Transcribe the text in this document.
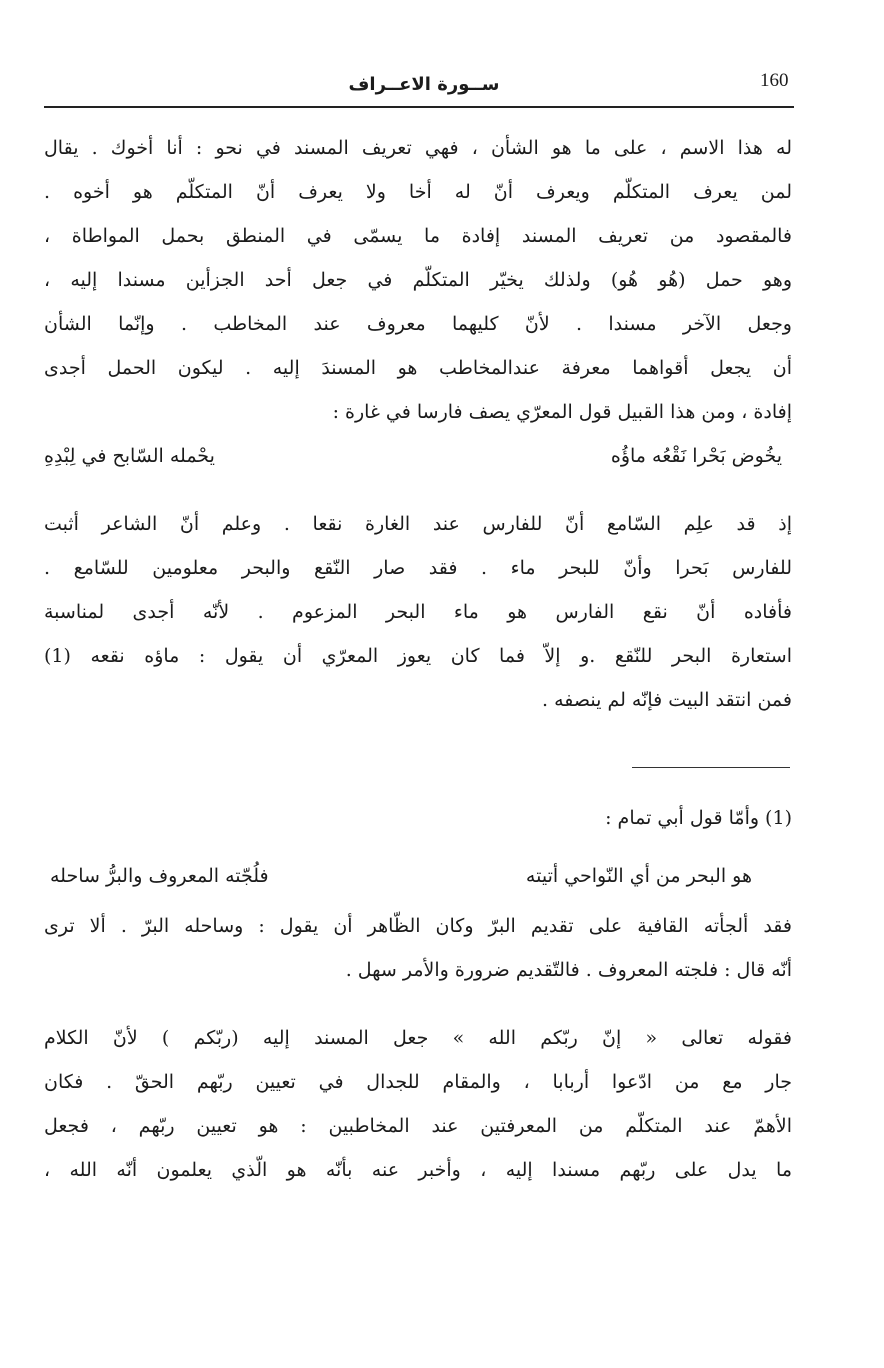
160
ســورة الاعــراف
له هذا الاسم ، على ما هو الشأن ، فهي تعريف المسند في نحو : أنا أخوك . يقال
لمن يعرف المتكلّم ويعرف أنّ له أخا ولا يعرف أنّ المتكلّم هو أخوه .
فالمقصود من تعريف المسند إفادة ما يسمّى في المنطق بحمل المواطاة ،
وهو حمل (هُو هُو) ولذلك يخيّر المتكلّم في جعل أحد الجزأين مسندا إليه ،
وجعل الآخر مسندا . لأنّ كليهما معروف عند المخاطب . وإنّما الشأن
أن يجعل أقواهما معرفة عندالمخاطب هو المسندَ إليه . ليكون الحمل أجدى
إفادة ، ومن هذا القبيل قول المعرّي يصف فارسا في غارة :
يخُوض بَحْرا نَقْعُه ماؤُه
يحْمله السّابح في لِبْدِهِ
إذ قد علِم السّامع أنّ للفارس عند الغارة نقعا . وعلم أنّ الشاعر أثبت
للفارس بَحرا وأنّ للبحر ماء . فقد صار النّقع والبحر معلومين للسّامع .
فأفاده أنّ نقع الفارس هو ماء البحر المزعوم . لأنّه أجدى لمناسبة
استعارة البحر للنّقع .و إلاّ فما كان يعوز المعرّي أن يقول : ماؤه نقعه (1)
فمن انتقد البيت فإنّه لم ينصفه .
(1) وأمّا قول أبي تمام :
هو البحر من أي النّواحي أتيته
فلُجّته المعروف والبرُّ ساحله
فقد ألجأته القافية على تقديم البرّ وكان الظّاهر أن يقول : وساحله البرّ . ألا ترى
أنّه قال : فلجته المعروف . فالتّقديم ضرورة والأمر سهل .
فقوله تعالى « إنّ ربّكم الله » جعل المسند إليه (ربّكم ) لأنّ الكلام
جار مع من ادّعوا أربابا ، والمقام للجدال في تعيين ربّهم الحقّ . فكان
الأهمّ عند المتكلّم من المعرفتين عند المخاطبين : هو تعيين ربّهم ، فجعل
ما يدل على ربّهم مسندا إليه ، وأخبر عنه بأنّه هو الّذي يعلمون أنّه الله ،
